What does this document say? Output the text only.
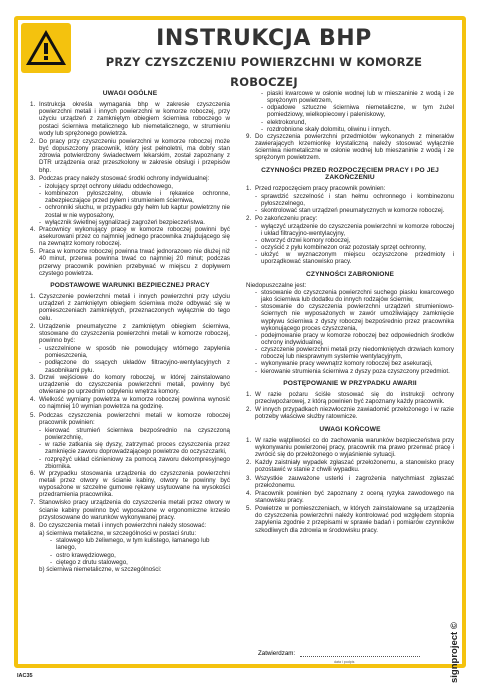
INSTRUKCJA BHP
PRZY CZYSZCZENIU POWIERZCHNI W KOMORZE ROBOCZEJ
UWAGI OGÓLNE
1. Instrukcja określa wymagania bhp w zakresie czyszczenia powierzchni metali i innych powierzchni w komorze roboczej, przy użyciu urządzeń z zamkniętym obiegiem ścierniwa roboczego w postaci ścierniwa metalicznego lub niemetalicznego, w strumieniu wody lub sprężonego powietrza.
2. Do pracy przy czyszczeniu powierzchni w komorze roboczej może być dopuszczony pracownik, który jest pełnoletni, ma dobry stan zdrowia potwierdzony świadectwem lekarskim, został zapoznany z DTR urządzenia oraz przeszkolony w zakresie obsługi i przepisów bhp.
3. Podczas pracy należy stosować środki ochrony indywidualnej:
- izolujący sprzęt ochrony układu oddechowego,
- kombinezon pyłoszczelny, obuwie i rękawice ochronne, zabezpieczające przed pyłem i strumieniem ścierniwa,
- ochronniki słuchu, w przypadku gdy hełm lub kaptur powietrzny nie został w nie wyposażony,
- wyłącznik świetlnej sygnalizacji zagrożeń bezpieczeństwa.
4. Pracownicy wykonujący pracę w komorze roboczej powinni być asekurowani przez co najmniej jednego pracownika znajdującego się na zewnątrz komory roboczej.
5. Praca w komorze roboczej powinna trwać jednorazowo nie dłużej niż 40 minut, przerwa powinna trwać co najmniej 20 minut; podczas przerwy pracownik powinien przebywać w miejscu z dopływem czystego powietrza.
PODSTAWOWE WARUNKI BEZPIECZNEJ PRACY
1. Czyszczenie powierzchni metali i innych powierzchni przy użyciu urządzeń z zamkniętym obiegiem ścierniwa może odbywać się w pomieszczeniach zamkniętych, przeznaczonych wyłącznie do tego celu.
2. Urządzenie pneumatyczne z zamkniętym obiegiem ścierniwa, stosowane do czyszczenia powierzchni metali w komorze roboczej, powinno być:
- uszczelnione w sposób nie powodujący wtórnego zapylenia pomieszczenia,
- podłączone do ssących układów filtracyjno-wentylacyjnych z zasobnikami pyłu.
3. Drzwi wejściowe do komory roboczej, w której zainstalowano urządzenie do czyszczenia powierzchni metali, powinny być otwierane po uprzednim odpyleniu wnętrza komory.
4. Wielkość wymiany powietrza w komorze roboczej powinna wynosić co najmniej 10 wymian powietrza na godzinę.
5. Podczas czyszczenia powierzchni metali w komorze roboczej pracownik powinien:
- kierować strumień ścierniwa bezpośrednio na czyszczoną powierzchnię,
- w razie zatkania się dyszy, zatrzymać proces czyszczenia przez zamknięcie zaworu doprowadzającego powietrze do oczyszczarki,
- rozprężyć układ ciśnieniowy za pomocą zaworu dekompresyjnego zbiornika.
6. W przypadku stosowania urządzenia do czyszczenia powierzchni metali przez otwory w ścianie kabiny, otwory te powinny być wyposażone w szczelne gumowe rękawy usytuowane na wysokości przedramienia pracownika.
7. Stanowisko pracy urządzenia do czyszczenia metali przez otwory w ścianie kabiny powinno być wyposażone w ergonomiczne krzesło przystosowane do warunków wykonywanej pracy.
8. Do czyszczenia metali i innych powierzchni należy stosować:
a) ścierniwa metaliczne, w szczególności w postaci śrutu:
- stalowego lub żeliwnego, w tym kulistego, łamanego lub lanego,
- ostro krawędziowego,
- ciętego z drutu stalowego,
b) ścierniwa niemetaliczne, w szczególności:
- piaski kwarcowe w osłonie wodnej lub w mieszaninie z wodą i ze sprężonym powietrzem,
- odpadowe sztuczne ścierniwa niemetaliczne, w tym żużel pomiedziowy, wielkopiecowy i paleniskowy,
- elektrokorund,
- rozdrobnione skały dolomitu, oliwinu i innych.
9. Do czyszczenia powierzchni przedmiotów wykonanych z minerałów zawierających krzemionkę krystaliczną należy stosować wyłącznie ścierniwa niemetaliczne w osłonie wodnej lub mieszaninie z wodą i ze sprężonym powietrzem.
CZYNNOŚCI PRZED ROZPOCZĘCIEM PRACY I PO JEJ ZAKOŃCZENIU
1. Przed rozpoczęciem pracy pracownik powinien:
- sprawdzić szczelność i stan hełmu ochronnego i kombinezonu pyłoszczelnego,
- skontrolować stan urządzeń pneumatycznych w komorze roboczej.
2. Po zakończeniu pracy:
- wyłączyć urządzenie do czyszczenia powierzchni w komorze roboczej i układ filtracyjno-wentylacyjny,
- otworzyć drzwi komory roboczej,
- oczyścić z pyłu kombinezon oraz pozostały sprzęt ochronny,
- ułożyć w wyznaczonym miejscu oczyszczone przedmioty i uporządkować stanowisko pracy.
CZYNNOŚCI ZABRONIONE
Niedopuszczalne jest:
- stosowanie do czyszczenia powierzchni suchego piasku kwarcowego jako ścierniwa lub dodatku do innych rodzajów ścierniw,
- stosowanie do czyszczenia powierzchni urządzeń strumieniowo-ściernych nie wyposażonych w zawór umożliwiający zamknięcie wypływu ścierniwa z dyszy roboczej bezpośrednio przez pracownika wykonującego proces czyszczenia,
- podejmowanie pracy w komorze roboczej bez odpowiednich środków ochrony indywidualnej,
- czyszczenie powierzchni metali przy niedomkniętych drzwiach komory roboczej lub niesprawnym systemie wentylacyjnym,
- wykonywanie pracy wewnątrz komory roboczej bez asekuracji,
- kierowanie strumienia ścierniwa z dyszy poza czyszczony przedmiot.
POSTĘPOWANIE W PRZYPADKU AWARII
1. W razie pożaru ściśle stosować się do instrukcji ochrony przeciwpożarowej, z którą powinien być zapoznany każdy pracownik.
2. W innych przypadkach niezwłocznie zawiadomić przełożonego i w razie potrzeby właściwe służby ratownicze.
UWAGI KOŃCOWE
1. W razie wątpliwości co do zachowania warunków bezpieczeństwa przy wykonywaniu powierzonej pracy, pracownik ma prawo przerwać pracę i zwrócić się do przełożonego o wyjaśnienie sytuacji.
2. Każdy zaistniały wypadek zgłaszać przełożonemu, a stanowisko pracy pozostawić w stanie z chwili wypadku.
3. Wszystkie zauważone usterki i zagrożenia natychmiast zgłaszać przełożonemu.
4. Pracownik powinien być zapoznany z oceną ryzyka zawodowego na stanowisku pracy.
5. Powietrze w pomieszczeniach, w których zainstalowane są urządzenia do czyszczenia powierzchni należy kontrolować pod względem stopnia zapylenia zgodnie z przepisami w sprawie badań i pomiarów czynników szkodliwych dla zdrowia w środowisku pracy.
Zatwierdzam:
data i podpis	signproject ©
IAC35
